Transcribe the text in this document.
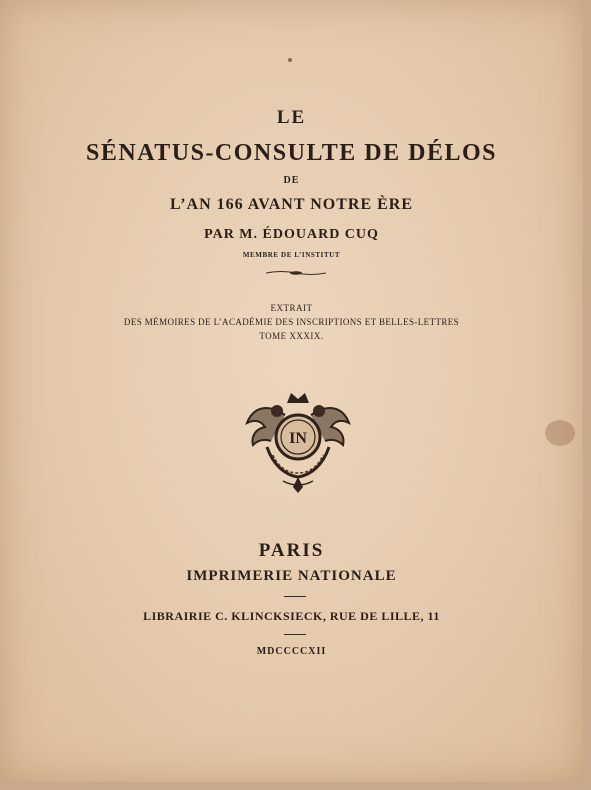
LE
SÉNATUS-CONSULTE DE DÉLOS
DE
L’AN 166 AVANT NOTRE ÈRE
PAR M. ÉDOUARD CUQ
MEMBRE DE L’INSTITUT
EXTRAIT
DES MÉMOIRES DE L’ACADÉMIE DES INSCRIPTIONS ET BELLES-LETTRES
TOME XXXIX.
IN
PARIS
IMPRIMERIE NATIONALE
LIBRAIRIE C. KLINCKSIECK, RUE DE LILLE, 11
MDCCCCXII
